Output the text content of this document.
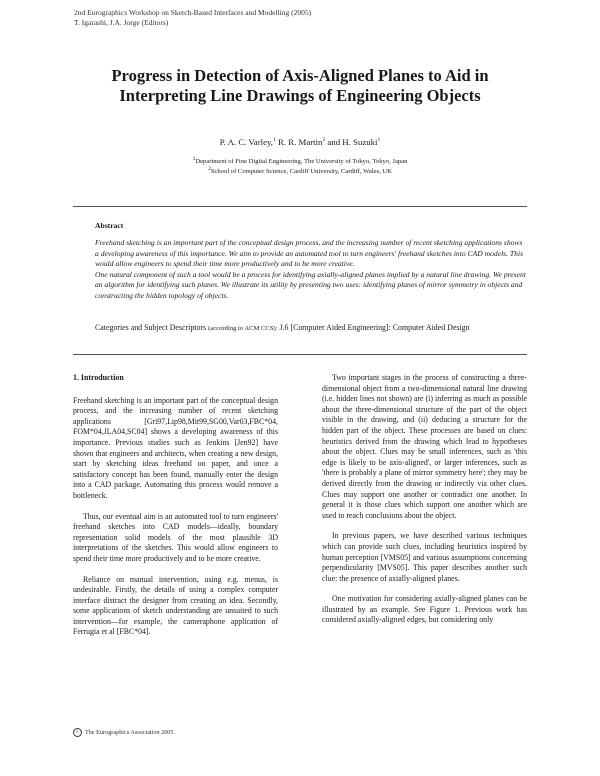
2nd Eurographics Workshop on Sketch-Based Interfaces and Modelling (2005)
T. Igarashi, J.A. Jorge (Editors)
Progress in Detection of Axis-Aligned Planes to Aid in
Interpreting Line Drawings of Engineering Objects
P. A. C. Varley,$^1$ R. R. Martin$^2$ and H. Suzuki$^1$
$^1$Department of Fine Digital Engineering, The University of Tokyo, Tokyo, Japan
$^2$School of Computer Science, Cardiff University, Cardiff, Wales, UK
Abstract

Freehand sketching is an important part of the conceptual design process, and the increasing number of recent sketching applications shows a developing awareness of this importance. We aim to provide an automated tool to turn engineers' freehand sketches into CAD models. This would allow engineers to spend their time more productively and to be more creative.

One natural component of such a tool would be a process for identifying axially-aligned planes implied by a natural line drawing. We present an algorithm for identifying such planes. We illustrate its utility by presenting two uses: identifying planes of mirror symmetry in objects and constructing the hidden topology of objects.

Categories and Subject Descriptors (according to ACM CCS): J.6 [Computer Aided Engineering]: Computer Aided Design
1. Introduction

Freehand sketching is an important part of the conceptual design process, and the increasing number of recent sketching applications [Gri97,Lip98,Mit99,SG00,Var03,FBC*04, FOM*04,JLA04,SC04] shows a developing awareness of this importance. Previous studies such as Jenkins [Jen92] have shown that engineers and architects, when creating a new design, start by sketching ideas freehand on paper, and once a satisfactory concept has been found, manually enter the design into a CAD package. Automating this process would remove a bottleneck.

Thus, our eventual aim is an automated tool to turn engineers' freehand sketches into CAD models—ideally, boundary representation solid models of the most plausible 3D interpretations of the sketches. This would allow engineers to spend their time more productively and to be more creative.

Reliance on manual intervention, using e.g. menus, is undesirable. Firstly, the details of using a complex computer interface distract the designer from creating an idea. Secondly, some applications of sketch understanding are unsuited to such intervention—for example, the cameraphone application of Ferrugia et al [FBC*04].

Two important stages in the process of constructing a three-dimensional object from a two-dimensional natural line drawing (i.e. hidden lines not shown) are (i) inferring as much as possible about the three-dimensional structure of the part of the object visible in the drawing, and (ii) deducing a structure for the hidden part of the object. These processes are based on clues: heuristics derived from the drawing which lead to hypotheses about the object. Clues may be small inferences, such as 'this edge is likely to be axis-aligned', or larger inferences, such as 'there is probably a plane of mirror symmetry here'; they may be derived directly from the drawing or indirectly via other clues. Clues may support one another or contradict one another. In general it is those clues which support one another which are used to reach conclusions about the object.

In previous papers, we have described various techniques which can provide such clues, including heuristics inspired by human perception [VMS05] and various assumptions concerning perpendicularity [MVS05]. This paper describes another such clue: the presence of axially-aligned planes.

One motivation for considering axially-aligned planes can be illustrated by an example. See Figure 1. Previous work has considered axially-aligned edges, but considering only

c The Eurographics Association 2005.
